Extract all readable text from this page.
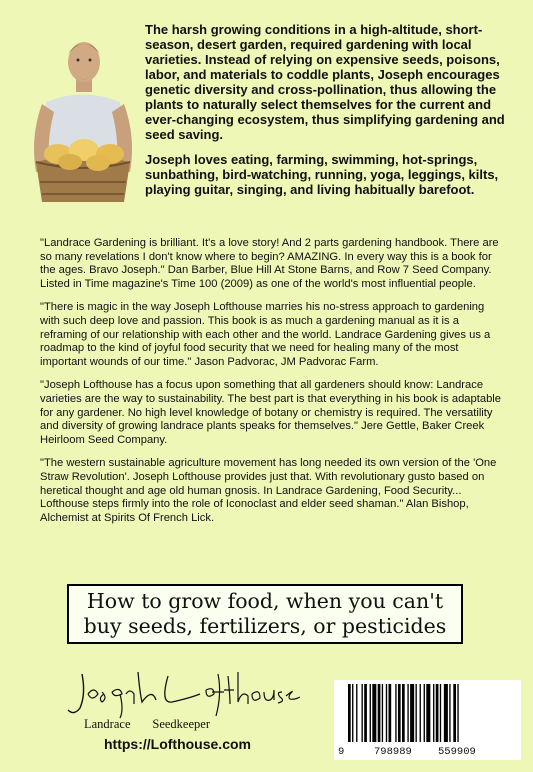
The harsh growing conditions in a high-altitude, short-season, desert garden, required gardening with local varieties. Instead of relying on expensive seeds, poisons, labor, and materials to coddle plants, Joseph encourages genetic diversity and cross-pollination, thus allowing the plants to naturally select themselves for the current and ever-changing ecosystem, thus simplifying gardening and seed saving.

Joseph loves eating, farming, swimming, hot-springs, sunbathing, bird-watching, running, yoga, leggings, kilts, playing guitar, singing, and living habitually barefoot.

"Landrace Gardening is brilliant. It's a love story! And 2 parts gardening handbook. There are so many revelations I don't know where to begin? AMAZING. In every way this is a book for the ages. Bravo Joseph." Dan Barber, Blue Hill At Stone Barns, and Row 7 Seed Company. Listed in Time magazine's Time 100 (2009) as one of the world's most influential people.

"There is magic in the way Joseph Lofthouse marries his no-stress approach to gardening with such deep love and passion. This book is as much a gardening manual as it is a reframing of our relationship with each other and the world. Landrace Gardening gives us a roadmap to the kind of joyful food security that we need for healing many of the most important wounds of our time." Jason Padvorac, JM Padvorac Farm.

"Joseph Lofthouse has a focus upon something that all gardeners should know: Landrace varieties are the way to sustainability. The best part is that everything in his book is adaptable for any gardener. No high level knowledge of botany or chemistry is required. The versatility and diversity of growing landrace plants speaks for themselves." Jere Gettle, Baker Creek Heirloom Seed Company.

"The western sustainable agriculture movement has long needed its own version of the 'One Straw Revolution'. Joseph Lofthouse provides just that. With revolutionary gusto based on heretical thought and age old human gnosis. In Landrace Gardening, Food Security... Lofthouse steps firmly into the role of Iconoclast and elder seed shaman." Alan Bishop, Alchemist at Spirits Of French Lick.

How to grow food, when you can't
buy seeds, fertilizers, or pesticides
Landrace Seedkeeper
https://Lofthouse.com	9	798989 559909
